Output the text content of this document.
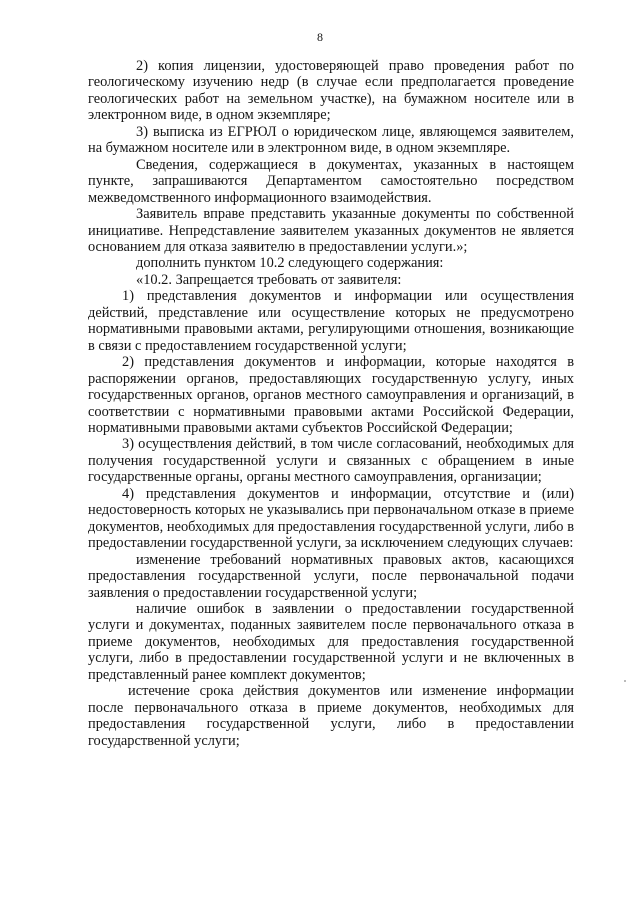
8

2) копия лицензии, удостоверяющей право проведения работ по геологическому изучению недр (в случае если предполагается проведение геологических работ на земельном участке), на бумажном носителе или в электронном виде, в одном экземпляре;

3) выписка из ЕГРЮЛ о юридическом лице, являющемся заявителем, на бумажном носителе или в электронном виде, в одном экземпляре.

Сведения, содержащиеся в документах, указанных в настоящем пункте, запрашиваются Департаментом самостоятельно посредством межведомственного информационного взаимодействия.

Заявитель вправе представить указанные документы по собственной инициативе. Непредставление заявителем указанных документов не является основанием для отказа заявителю в предоставлении услуги.»;

дополнить пунктом 10.2 следующего содержания:

«10.2. Запрещается требовать от заявителя:

1) представления документов и информации или осуществления действий, представление или осуществление которых не предусмотрено нормативными правовыми актами, регулирующими отношения, возникающие в связи с предоставлением государственной услуги;

2) представления документов и информации, которые находятся в распоряжении органов, предоставляющих государственную услугу, иных государственных органов, органов местного самоуправления и организаций, в соответствии с нормативными правовыми актами Российской Федерации, нормативными правовыми актами субъектов Российской Федерации;

3) осуществления действий, в том числе согласований, необходимых для получения государственной услуги и связанных с обращением в иные государственные органы, органы местного самоуправления, организации;

4) представления документов и информации, отсутствие и (или) недостоверность которых не указывались при первоначальном отказе в приеме документов, необходимых для предоставления государственной услуги, либо в предоставлении государственной услуги, за исключением следующих случаев:

изменение требований нормативных правовых актов, касающихся предоставления государственной услуги, после первоначальной подачи заявления о предоставлении государственной услуги;

наличие ошибок в заявлении о предоставлении государственной услуги и документах, поданных заявителем после первоначального отказа в приеме документов, необходимых для предоставления государственной услуги, либо в предоставлении государственной услуги и не включенных в представленный ранее комплект документов;

истечение срока действия документов или изменение информации после первоначального отказа в приеме документов, необходимых для предоставления государственной услуги, либо в предоставлении государственной услуги;
